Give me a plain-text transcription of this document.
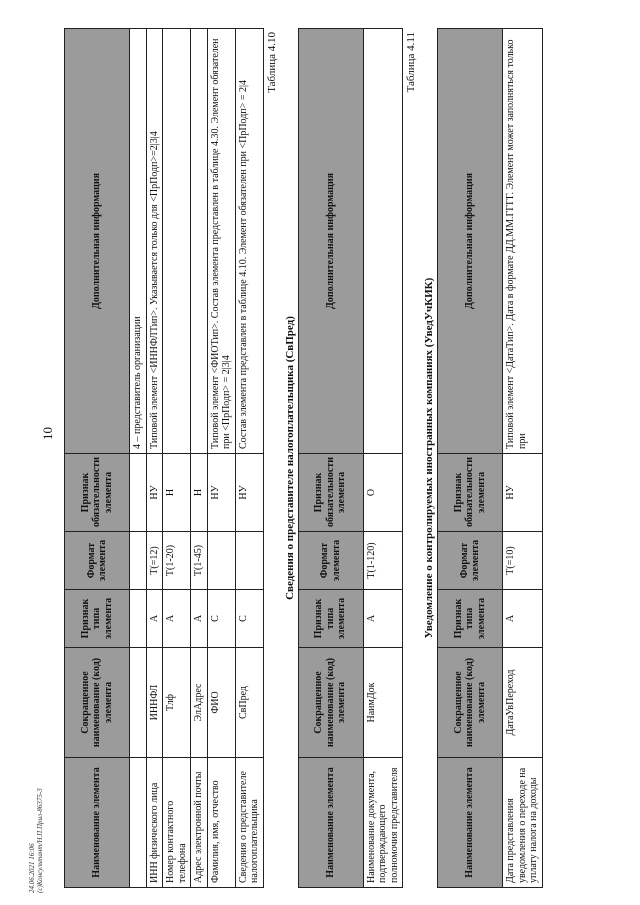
10
Наименование элемента	Сокращенное наименование (код) элемента	Признак типа элемента	Формат элемента	Признак обязательности элемента	Дополнительная информация
					4 – представитель организации
ИНН физического лица	ИННФЛ	А	T(=12)	НУ	Типовой элемент <ИННФЛТип>. Указывается только для <ПрПодп>=2|3|4
Номер контактного телефона	Тлф	А	T(1-20)	Н	
Адрес электронной почты	ЭлАдрес	А	T(1-45)	Н	
Фамилия, имя, отчество	ФИО	С		НУ	Типовой элемент <ФИОТип>. Состав элемента представлен в таблице 4.30. Элемент обязателен при <ПрПодп> = 2|3|4
Сведения о представителе налогоплательщика	СвПред	С		НУ	Состав элемента представлен в таблице 4.10. Элемент обязателен при <ПрПодп> = 2|4
Таблица 4.10
Сведения о представителе налогоплательщика (СвПред)
Наименование элемента	Сокращенное наименование (код) элемента	Признак типа элемента	Формат элемента	Признак обязательности элемента	Дополнительная информация
Наименование документа, подтверждающего полномочия представителя	НаимДок	А	T(1-120)	О	
Таблица 4.11
Уведомление о контролируемых иностранных компаниях (УведУчКИК)
Наименование элемента	Сокращенное наименование (код) элемента	Признак типа элемента	Формат элемента	Признак обязательности элемента	Дополнительная информация
Дата представления уведомления о переходе на уплату налога на доходы	ДатаУвПереход	А	T(=10)	НУ	Типовой элемент <ДатаТип>. Дата в формате ДД.ММ.ГГГГ. Элемент может заполняться только при
24.06.2021 16:06 (c)Консультант/Н.П.Прил-86375-3
